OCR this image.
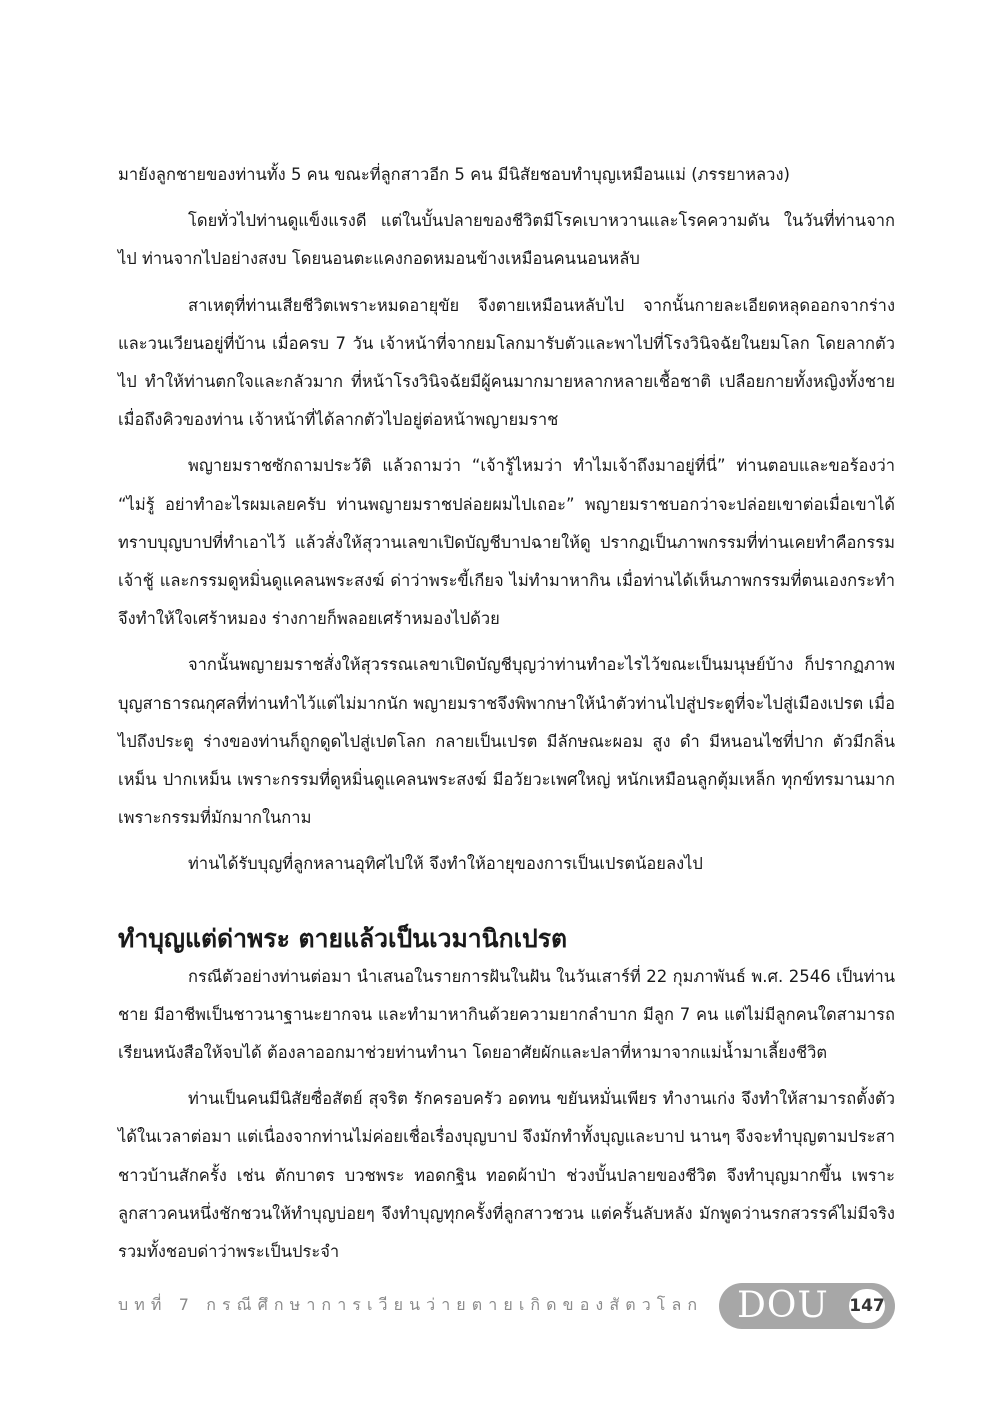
มายังลูกชายของท่านทั้ง 5 คน ขณะที่ลูกสาวอีก 5 คน มีนิสัยชอบทำบุญเหมือนแม่ (ภรรยาหลวง)

โดยทั่วไปท่านดูแข็งแรงดี แต่ในบั้นปลายของชีวิตมีโรคเบาหวานและโรคความดัน ในวันที่ท่านจากไป ท่านจากไปอย่างสงบ โดยนอนตะแคงกอดหมอนข้างเหมือนคนนอนหลับ

สาเหตุที่ท่านเสียชีวิตเพราะหมดอายุขัย จึงตายเหมือนหลับไป จากนั้นกายละเอียดหลุดออกจากร่างและวนเวียนอยู่ที่บ้าน เมื่อครบ 7 วัน เจ้าหน้าที่จากยมโลกมารับตัวและพาไปที่โรงวินิจฉัยในยมโลก โดยลากตัวไป ทำให้ท่านตกใจและกลัวมาก ที่หน้าโรงวินิจฉัยมีผู้คนมากมายหลากหลายเชื้อชาติ เปลือยกายทั้งหญิงทั้งชาย เมื่อถึงคิวของท่าน เจ้าหน้าที่ได้ลากตัวไปอยู่ต่อหน้าพญายมราช

พญายมราชซักถามประวัติ แล้วถามว่า “เจ้ารู้ไหมว่า ทำไมเจ้าถึงมาอยู่ที่นี่” ท่านตอบและขอร้องว่า “ไม่รู้ อย่าทำอะไรผมเลยครับ ท่านพญายมราชปล่อยผมไปเถอะ” พญายมราชบอกว่าจะปล่อยเขาต่อเมื่อเขาได้ทราบบุญบาปที่ทำเอาไว้ แล้วสั่งให้สุวานเลขาเปิดบัญชีบาปฉายให้ดู ปรากฏเป็นภาพกรรมที่ท่านเคยทำคือกรรมเจ้าชู้ และกรรมดูหมิ่นดูแคลนพระสงฆ์ ด่าว่าพระขี้เกียจ ไม่ทำมาหากิน เมื่อท่านได้เห็นภาพกรรมที่ตนเองกระทำ จึงทำให้ใจเศร้าหมอง ร่างกายก็พลอยเศร้าหมองไปด้วย

จากนั้นพญายมราชสั่งให้สุวรรณเลขาเปิดบัญชีบุญว่าท่านทำอะไรไว้ขณะเป็นมนุษย์บ้าง ก็ปรากฏภาพบุญสาธารณกุศลที่ท่านทำไว้แต่ไม่มากนัก พญายมราชจึงพิพากษาให้นำตัวท่านไปสู่ประตูที่จะไปสู่เมืองเปรต เมื่อไปถึงประตู ร่างของท่านก็ถูกดูดไปสู่เปตโลก กลายเป็นเปรต มีลักษณะผอม สูง ดำ มีหนอนไชที่ปาก ตัวมีกลิ่นเหม็น ปากเหม็น เพราะกรรมที่ดูหมิ่นดูแคลนพระสงฆ์ มีอวัยวะเพศใหญ่ หนักเหมือนลูกตุ้มเหล็ก ทุกข์ทรมานมาก เพราะกรรมที่มักมากในกาม

ท่านได้รับบุญที่ลูกหลานอุทิศไปให้ จึงทำให้อายุของการเป็นเปรตน้อยลงไป

ทำบุญแต่ด่าพระ ตายแล้วเป็นเวมานิกเปรต

กรณีตัวอย่างท่านต่อมา นำเสนอในรายการฝันในฝัน ในวันเสาร์ที่ 22 กุมภาพันธ์ พ.ศ. 2546 เป็นท่านชาย มีอาชีพเป็นชาวนาฐานะยากจน และทำมาหากินด้วยความยากลำบาก มีลูก 7 คน แต่ไม่มีลูกคนใดสามารถเรียนหนังสือให้จบได้ ต้องลาออกมาช่วยท่านทำนา โดยอาศัยผักและปลาที่หามาจากแม่น้ำมาเลี้ยงชีวิต

ท่านเป็นคนมีนิสัยซื่อสัตย์ สุจริต รักครอบครัว อดทน ขยันหมั่นเพียร ทำงานเก่ง จึงทำให้สามารถตั้งตัวได้ในเวลาต่อมา แต่เนื่องจากท่านไม่ค่อยเชื่อเรื่องบุญบาป จึงมักทำทั้งบุญและบาป นานๆ จึงจะทำบุญตามประสาชาวบ้านสักครั้ง เช่น ตักบาตร บวชพระ ทอดกฐิน ทอดผ้าป่า ช่วงบั้นปลายของชีวิต จึงทำบุญมากขึ้น เพราะลูกสาวคนหนึ่งชักชวนให้ทำบุญบ่อยๆ จึงทำบุญทุกครั้งที่ลูกสาวชวน แต่ครั้นลับหลัง มักพูดว่านรกสวรรค์ไม่มีจริง รวมทั้งชอบด่าว่าพระเป็นประจำ

บทที่ 7 กรณีศึกษาการเวียนว่ายตายเกิดของสัตวโลก DOU 147
